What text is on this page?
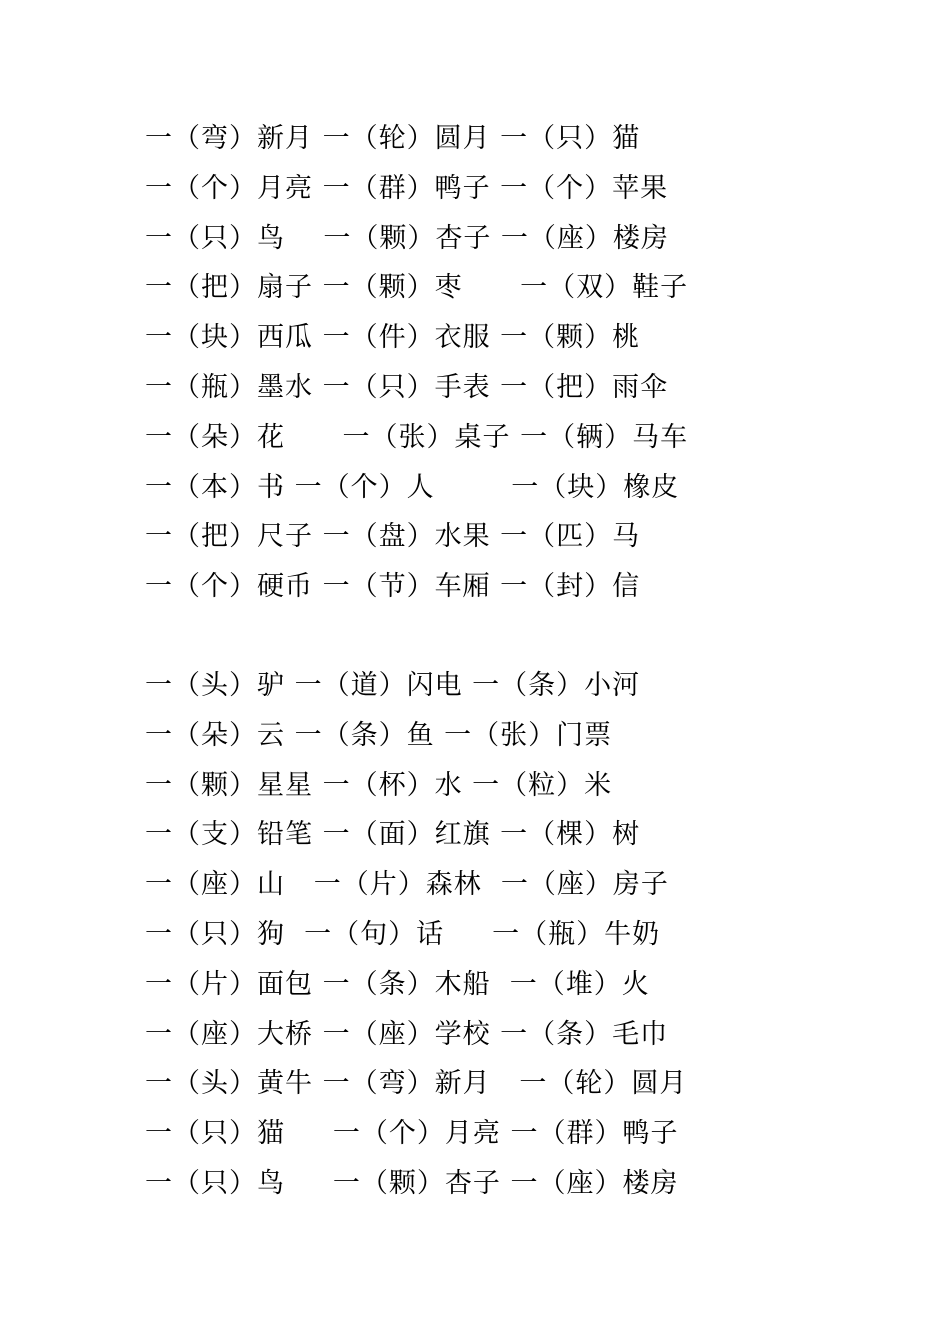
一（弯）新月 一（轮）圆月 一（只）猫
一（个）月亮 一（群）鸭子 一（个）苹果
一（只）鸟    一（颗）杏子 一（座）楼房
一（把）扇子 一（颗）枣      一（双）鞋子
一（块）西瓜 一（件）衣服 一（颗）桃
一（瓶）墨水 一（只）手表 一（把）雨伞
一（朵）花      一（张）桌子 一（辆）马车
一（本）书 一（个）人        一（块）橡皮
一（把）尺子 一（盘）水果 一（匹）马
一（个）硬币 一（节）车厢 一（封）信
一（头）驴 一（道）闪电 一（条）小河
一（朵）云 一（条）鱼 一（张）门票
一（颗）星星 一（杯）水 一（粒）米
一（支）铅笔 一（面）红旗 一（棵）树
一（座）山   一（片）森林  一（座）房子
一（只）狗  一（句）话     一（瓶）牛奶
一（片）面包 一（条）木船  一（堆）火
一（座）大桥 一（座）学校 一（条）毛巾
一（头）黄牛 一（弯）新月   一（轮）圆月
一（只）猫     一（个）月亮 一（群）鸭子
一（只）鸟     一（颗）杏子 一（座）楼房
